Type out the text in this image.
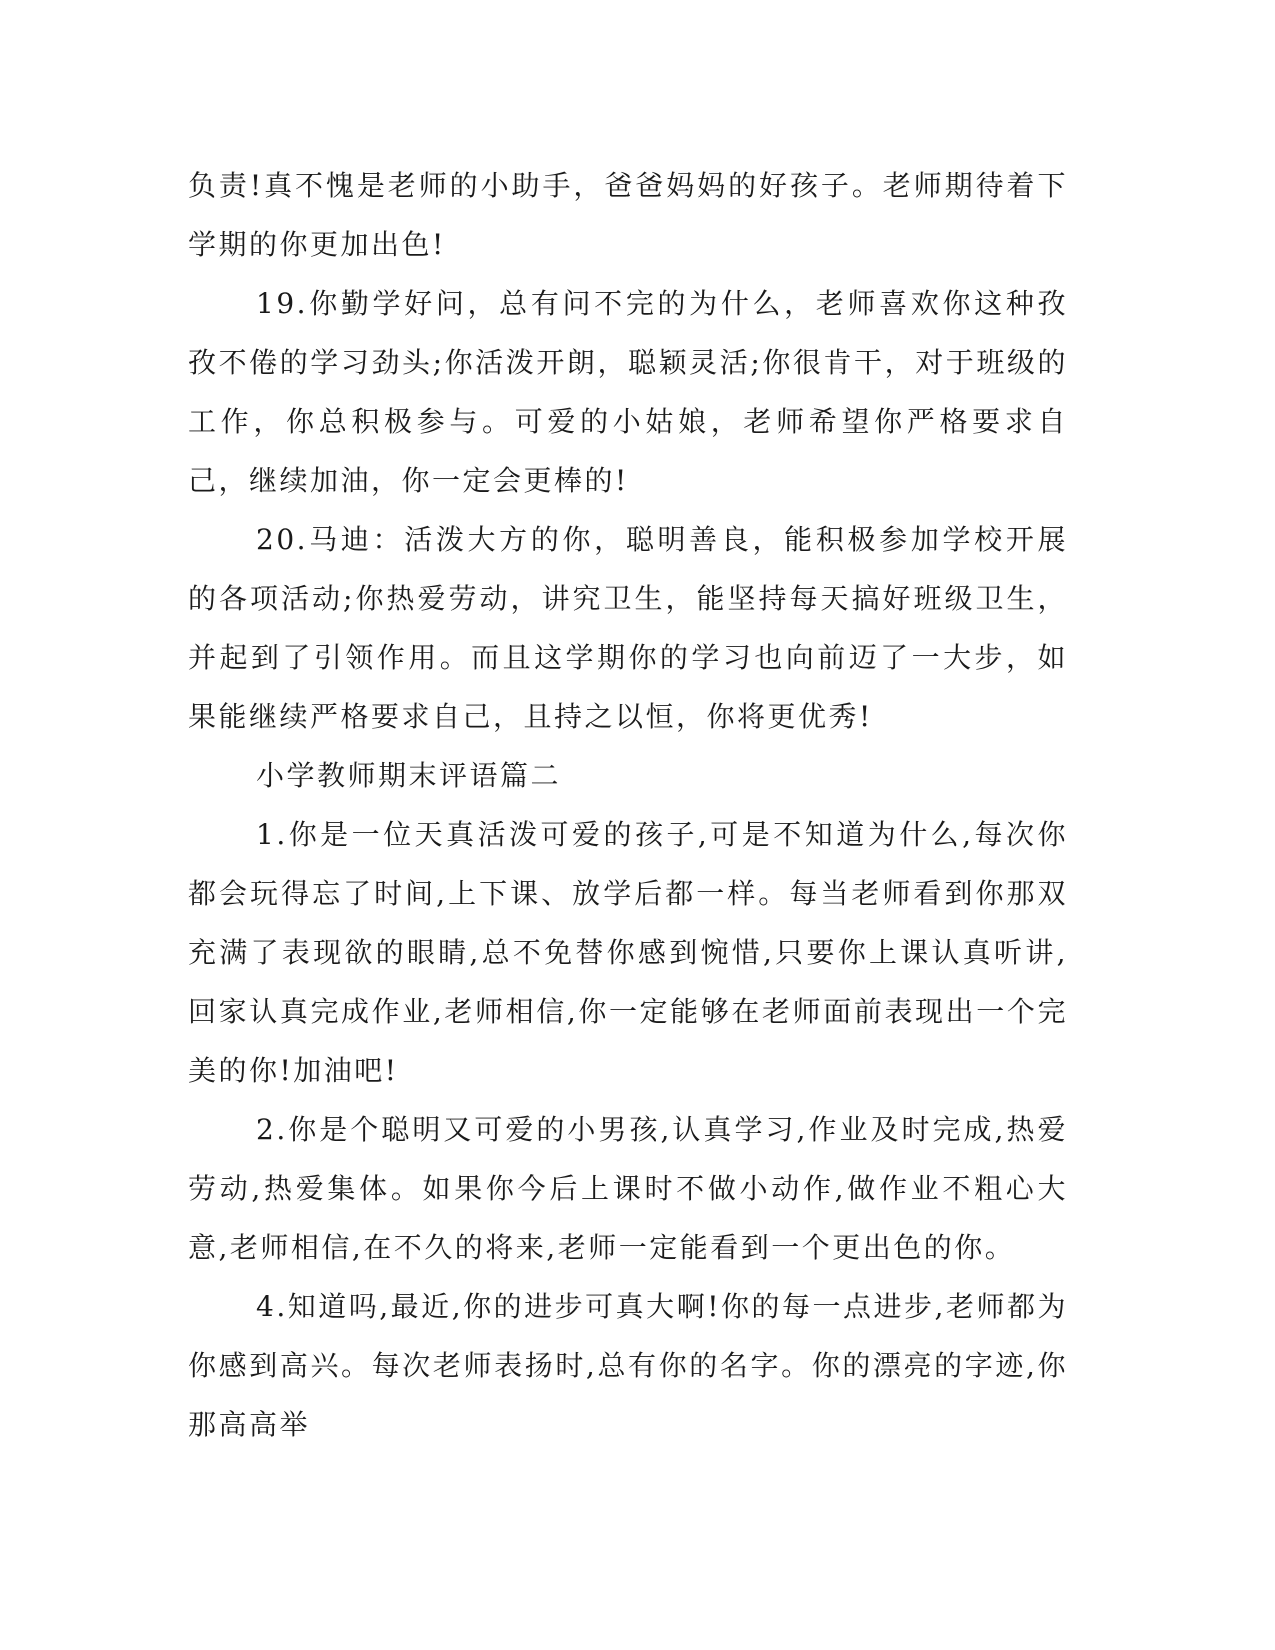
负责!真不愧是老师的小助手，爸爸妈妈的好孩子。老师期待着下学期的你更加出色!

19.你勤学好问，总有问不完的为什么，老师喜欢你这种孜孜不倦的学习劲头;你活泼开朗，聪颖灵活;你很肯干，对于班级的工作，你总积极参与。可爱的小姑娘，老师希望你严格要求自己，继续加油，你一定会更棒的!

20.马迪：活泼大方的你，聪明善良，能积极参加学校开展的各项活动;你热爱劳动，讲究卫生，能坚持每天搞好班级卫生，并起到了引领作用。而且这学期你的学习也向前迈了一大步，如果能继续严格要求自己，且持之以恒，你将更优秀!

小学教师期末评语篇二

1.你是一位天真活泼可爱的孩子,可是不知道为什么,每次你都会玩得忘了时间,上下课、放学后都一样。每当老师看到你那双充满了表现欲的眼睛,总不免替你感到惋惜,只要你上课认真听讲,回家认真完成作业,老师相信,你一定能够在老师面前表现出一个完美的你!加油吧!

2.你是个聪明又可爱的小男孩,认真学习,作业及时完成,热爱劳动,热爱集体。如果你今后上课时不做小动作,做作业不粗心大意,老师相信,在不久的将来,老师一定能看到一个更出色的你。

4.知道吗,最近,你的进步可真大啊!你的每一点进步,老师都为你感到高兴。每次老师表扬时,总有你的名字。你的漂亮的字迹,你那高高举
